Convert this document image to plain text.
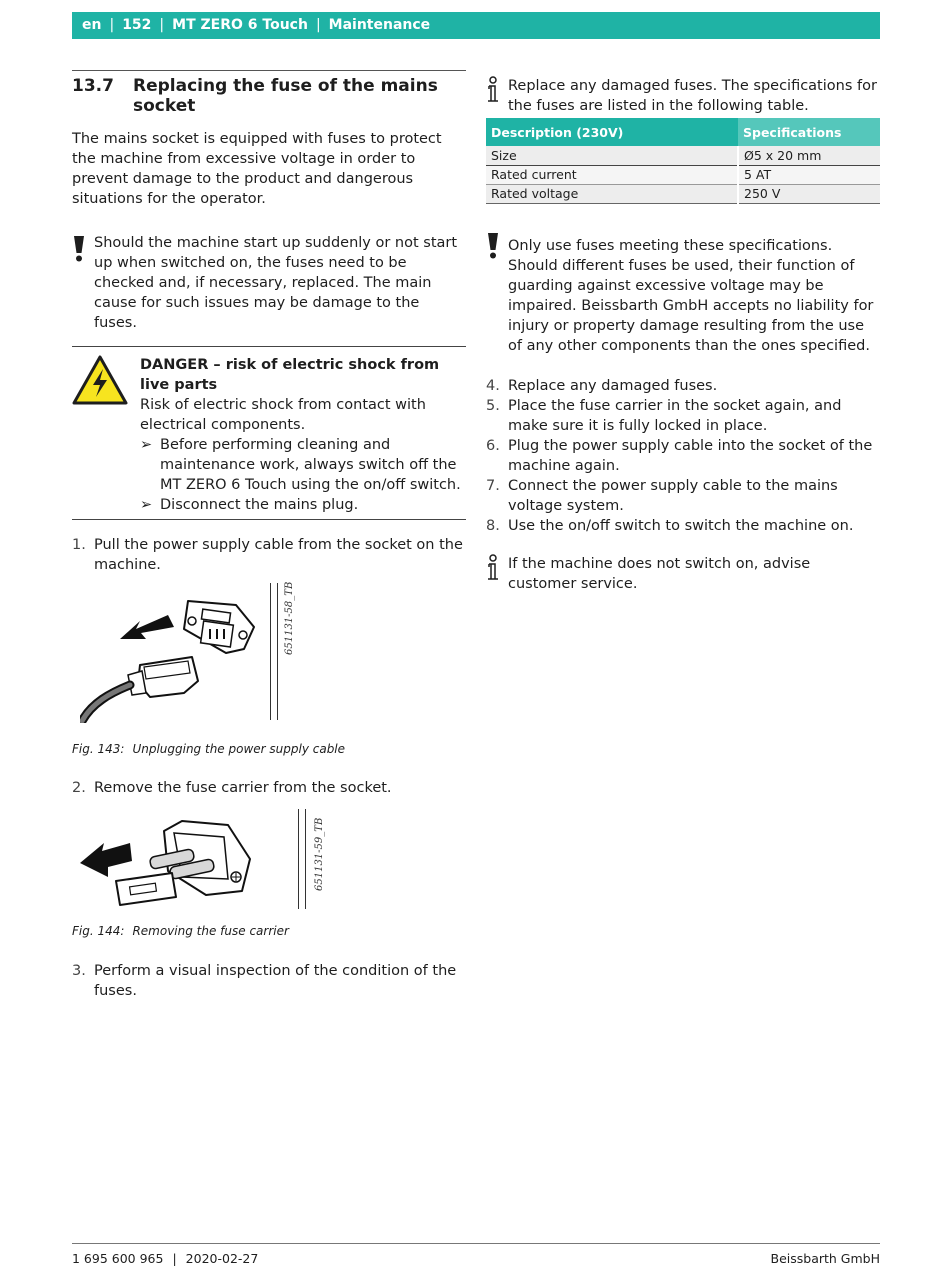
en | 152 | MT ZERO 6 Touch | Maintenance
13.7	Replacing the fuse of the mains socket

The mains socket is equipped with fuses to protect the machine from excessive voltage in order to prevent damage to the product and dangerous situations for the operator.

Should the machine start up suddenly or not start up when switched on, the fuses need to be checked and, if necessary, replaced. The main cause for such issues may be damage to the fuses.

DANGER – risk of electric shock from live parts

Risk of electric shock from contact with electrical components.

➢ Before performing cleaning and maintenance work, always switch off the MT ZERO 6 Touch using the on/off switch.
➢ Disconnect the mains plug.
1. Pull the power supply cable from the socket on the machine.
651131-58_TB

Fig. 143: Unplugging the power supply cable

2. Remove the fuse carrier from the socket.
651131-59_TB

Fig. 144: Removing the fuse carrier

3. Perform a visual inspection of the condition of the fuses.

Replace any damaged fuses. The specifications for the fuses are listed in the following table.

Description (230V)	Specifications
Size	Ø5 x 20 mm
Rated current	5 AT
Rated voltage	250 V

Only use fuses meeting these specifications. Should different fuses be used, their function of guarding against excessive voltage may be impaired. Beissbarth GmbH accepts no liability for injury or property damage resulting from the use of any other components than the ones specified.

4. Replace any damaged fuses.
5. Place the fuse carrier in the socket again, and make sure it is fully locked in place.
6. Plug the power supply cable into the socket of the machine again.
7. Connect the power supply cable to the mains voltage system.
8. Use the on/off switch to switch the machine on.

If the machine does not switch on, advise customer service.

1 695 600 965 | 2020-02-27	Beissbarth GmbH
